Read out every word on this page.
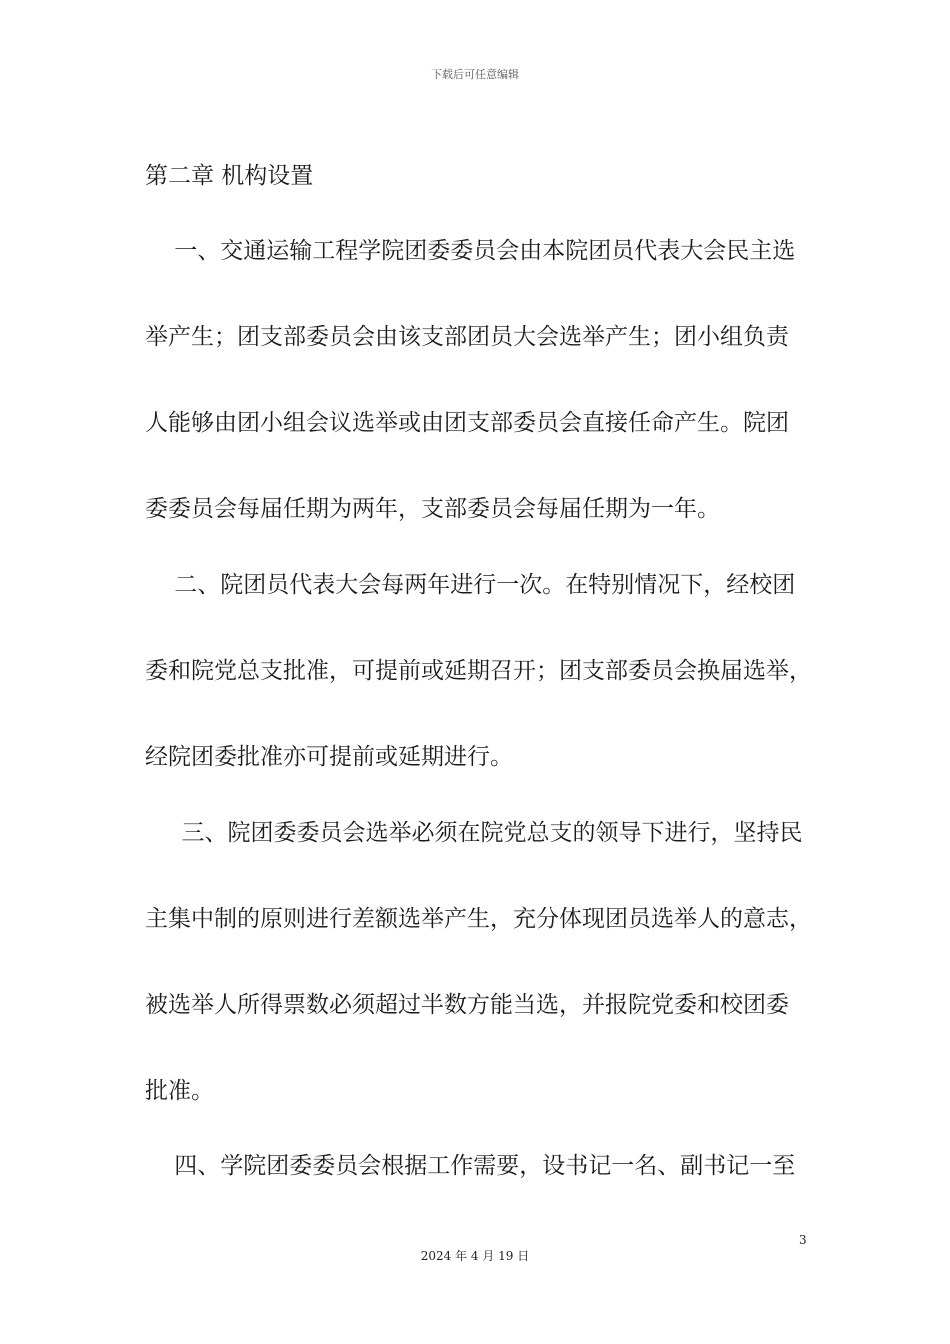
下载后可任意编辑
第二章 机构设置
一、交通运输工程学院团委委员会由本院团员代表大会民主选
举产生；团支部委员会由该支部团员大会选举产生；团小组负责
人能够由团小组会议选举或由团支部委员会直接任命产生。院团
委委员会每届任期为两年，支部委员会每届任期为一年。
二、院团员代表大会每两年进行一次。在特别情况下，经校团
委和院党总支批准，可提前或延期召开；团支部委员会换届选举，
经院团委批准亦可提前或延期进行。
三、院团委委员会选举必须在院党总支的领导下进行，坚持民
主集中制的原则进行差额选举产生，充分体现团员选举人的意志，
被选举人所得票数必须超过半数方能当选，并报院党委和校团委
批准。
四、学院团委委员会根据工作需要，设书记一名、副书记一至
3
2024 年 4 月 19 日
